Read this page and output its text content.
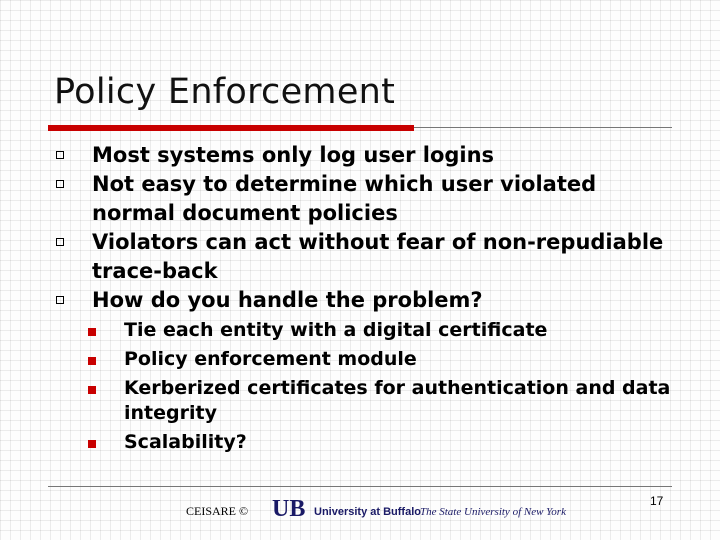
Policy Enforcement
Most systems only log user logins
Not easy to determine which user violated normal document policies
Violators can act without fear of non-repudiable trace-back
How do you handle the problem?
Tie each entity with a digital certificate
Policy enforcement module
Kerberized certificates for authentication and data integrity
Scalability?
17
CEISARE © UB University at Buffalo The State University of New York
